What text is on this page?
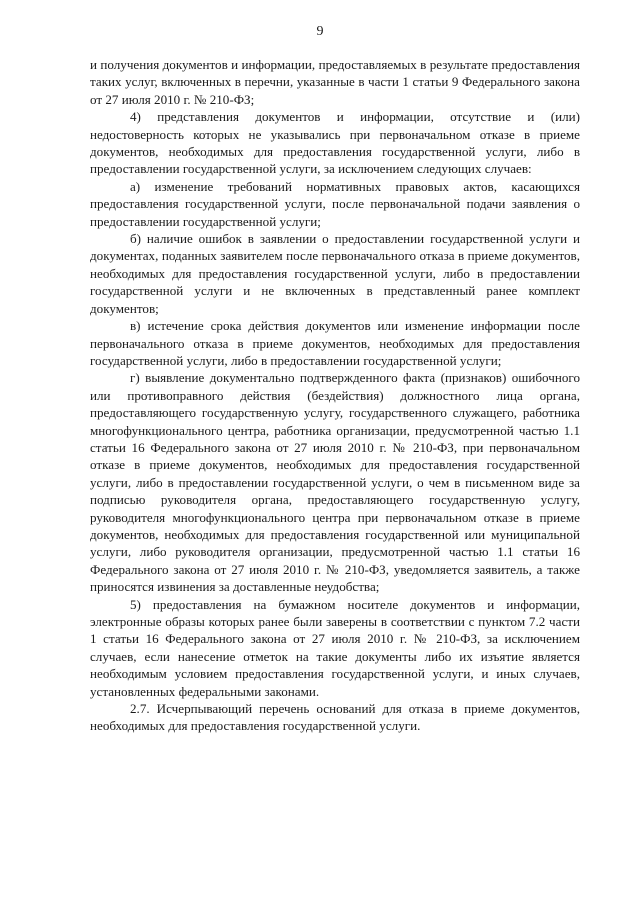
9

и получения документов и информации, предоставляемых в результате предоставления таких услуг, включенных в перечни, указанные в части 1 статьи 9 Федерального закона от 27 июля 2010 г. № 210-ФЗ;

4) представления документов и информации, отсутствие и (или) недостоверность которых не указывались при первоначальном отказе в приеме документов, необходимых для предоставления государственной услуги, либо в предоставлении государственной услуги, за исключением следующих случаев:

а) изменение требований нормативных правовых актов, касающихся предоставления государственной услуги, после первоначальной подачи заявления о предоставлении государственной услуги;

б) наличие ошибок в заявлении о предоставлении государственной услуги и документах, поданных заявителем после первоначального отказа в приеме документов, необходимых для предоставления государственной услуги, либо в предоставлении государственной услуги и не включенных в представленный ранее комплект документов;

в) истечение срока действия документов или изменение информации после первоначального отказа в приеме документов, необходимых для предоставления государственной услуги, либо в предоставлении государственной услуги;

г) выявление документально подтвержденного факта (признаков) ошибочного или противоправного действия (бездействия) должностного лица органа, предоставляющего государственную услугу, государственного служащего, работника многофункционального центра, работника организации, предусмотренной частью 1.1 статьи 16 Федерального закона от 27 июля 2010 г. № 210-ФЗ, при первоначальном отказе в приеме документов, необходимых для предоставления государственной услуги, либо в предоставлении государственной услуги, о чем в письменном виде за подписью руководителя органа, предоставляющего государственную услугу, руководителя многофункционального центра при первоначальном отказе в приеме документов, необходимых для предоставления государственной или муниципальной услуги, либо руководителя организации, предусмотренной частью 1.1 статьи 16 Федерального закона от 27 июля 2010 г. № 210-ФЗ, уведомляется заявитель, а также приносятся извинения за доставленные неудобства;

5) предоставления на бумажном носителе документов и информации, электронные образы которых ранее были заверены в соответствии с пунктом 7.2 части 1 статьи 16 Федерального закона от 27 июля 2010 г. № 210-ФЗ, за исключением случаев, если нанесение отметок на такие документы либо их изъятие является необходимым условием предоставления государственной услуги, и иных случаев, установленных федеральными законами.

2.7. Исчерпывающий перечень оснований для отказа в приеме документов, необходимых для предоставления государственной услуги.
